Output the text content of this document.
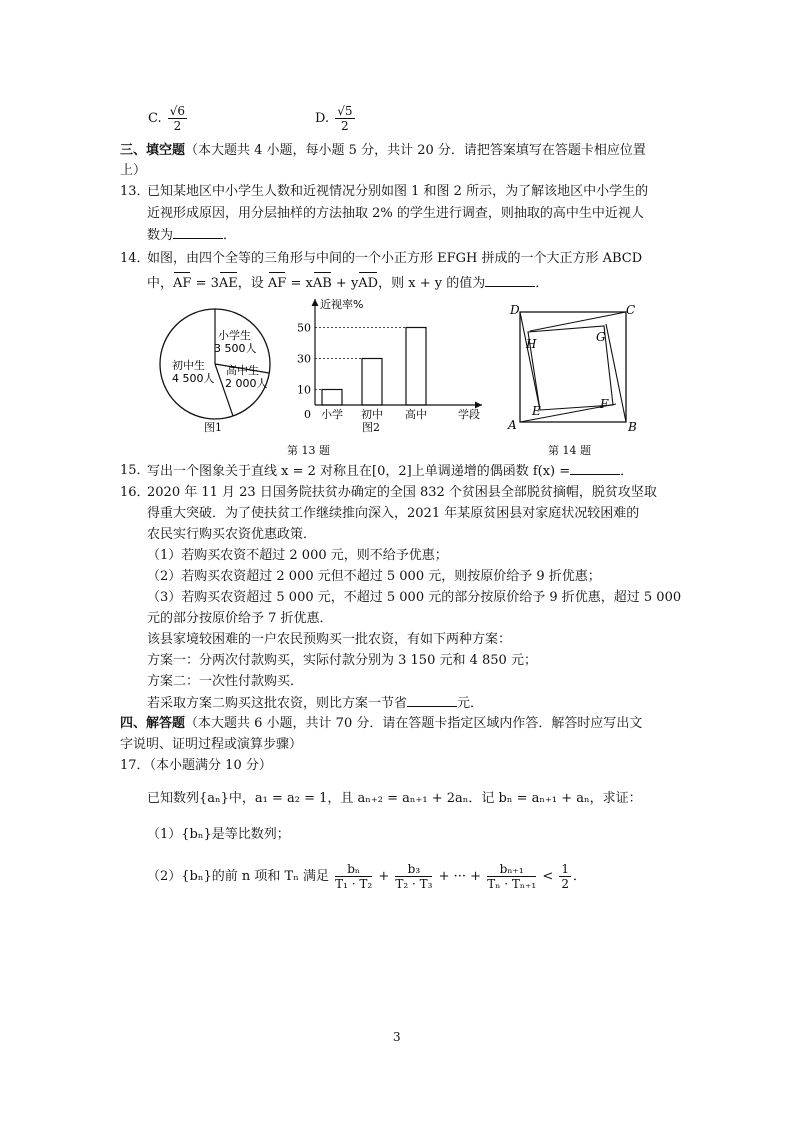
C. $\frac{√6}{2}$	D. $\frac{√5}{2}$
三、填空题（本大题共 4 小题，每小题 5 分，共计 20 分．请把答案填写在答题卡相应位置
上）
13．
已知某地区中小学生人数和近视情况分别如图 1 和图 2 所示，为了解该地区中小学生的
近视形成原因，用分层抽样的方法抽取 2% 的学生进行调查，则抽取的高中生中近视人
数为	．
14．
如图，由四个全等的三角形与中间的一个小正方形 EFGH 拼成的一个大正方形 ABCD
中，AF = 3AE，设 AF = xAB + yAD，则 x + y 的值为	．
小学生
3 500人
初中生
4 500人
高中生
2 000人
图1
近视率%
0
10
30
50
小学 初中 高中	学段
图2
第 13 题
A	B
C
D
E	F
G
H
第 14 题
15．
写出一个图象关于直线 x = 2 对称且在[0，2]上单调递增的偶函数 f(x) =	．
16．
2020 年 11 月 23 日国务院扶贫办确定的全国 832 个贫困县全部脱贫摘帽，脱贫攻坚取
得重大突破．为了使扶贫工作继续推向深入，2021 年某原贫困县对家庭状况较困难的
农民实行购买农资优惠政策．
（1）若购买农资不超过 2 000 元，则不给予优惠；
（2）若购买农资超过 2 000 元但不超过 5 000 元，则按原价给予 9 折优惠；
（3）若购买农资超过 5 000 元，不超过 5 000 元的部分按原价给予 9 折优惠，超过 5 000
元的部分按原价给予 7 折优惠．
该县家境较困难的一户农民预购买一批农资，有如下两种方案：
方案一：分两次付款购买，实际付款分别为 3 150 元和 4 850 元；
方案二：一次性付款购买．
若采取方案二购买这批农资，则比方案一节省	元．
四、解答题（本大题共 6 小题，共计 70 分．请在答题卡指定区域内作答．解答时应写出文
字说明、证明过程或演算步骤）
17．（本小题满分 10 分）
已知数列{aₙ}中，a₁ = a₂ = 1，且 aₙ₊₂ = aₙ₊₁ + 2aₙ．记 bₙ = aₙ₊₁ + aₙ，求证：
（1）{bₙ}是等比数列；
（2）{bₙ}的前 n 项和 Tₙ 满足 $\frac{\text{bₙ}}{\text{T₁ · T₂}} + \frac{\text{b₃}}{\text{T₂ · T₃}}$ + ··· + $\frac{\text{bₙ₊₁}}{\text{Tₙ · Tₙ₊₁}} < \frac{1}{2}$ ．
3
